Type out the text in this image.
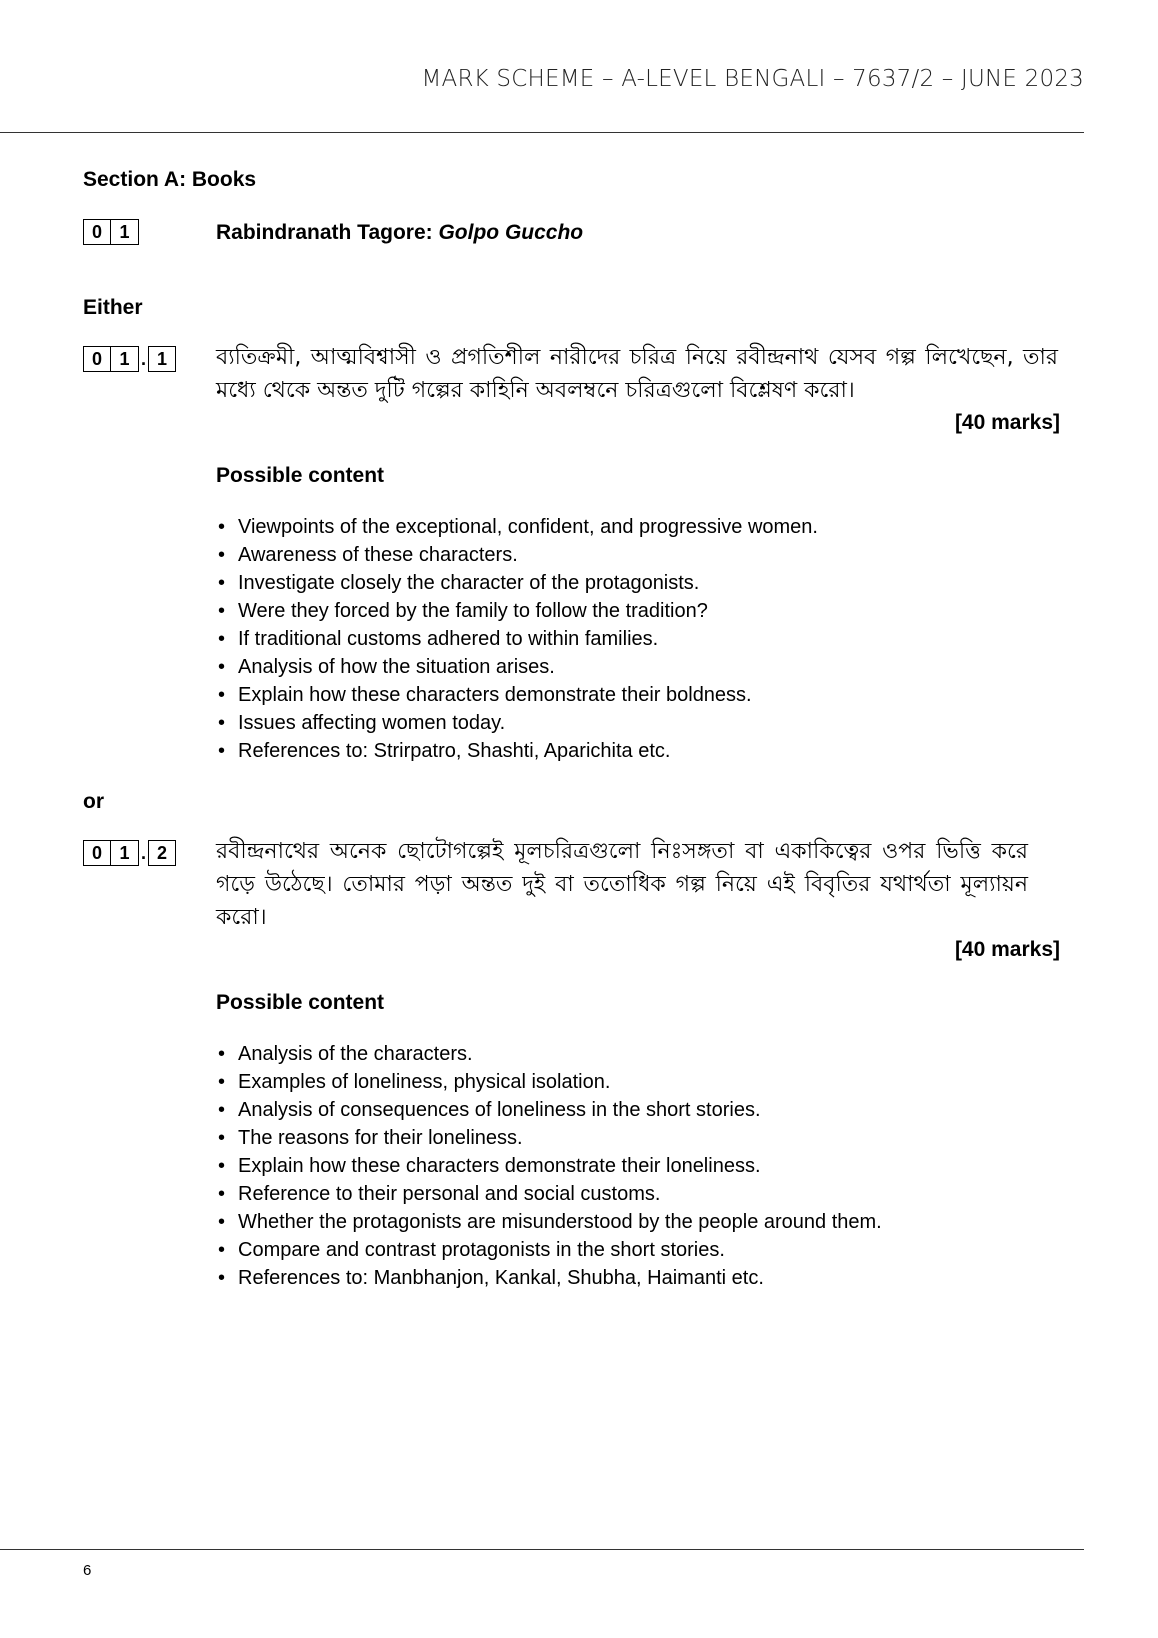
MARK SCHEME – A-LEVEL BENGALI – 7637/2 – JUNE 2023
Section A: Books
0 1	Rabindranath Tagore: Golpo Guccho
Either
0 1 . 1	ব্যতিক্রমী, আত্মবিশ্বাসী ও প্রগতিশীল নারীদের চরিত্র নিয়ে রবীন্দ্রনাথ যেসব গল্প লিখেছেন, তার মধ্যে থেকে অন্তত দুটি গল্পের কাহিনি অবলম্বনে চরিত্রগুলো বিশ্লেষণ করো।
[40 marks]
Possible content
• Viewpoints of the exceptional, confident, and progressive women.
• Awareness of these characters.
• Investigate closely the character of the protagonists.
• Were they forced by the family to follow the tradition?
• If traditional customs adhered to within families.
• Analysis of how the situation arises.
• Explain how these characters demonstrate their boldness.
• Issues affecting women today.
• References to: Strirpatro, Shashti, Aparichita etc.
or
0 1 . 2	রবীন্দ্রনাথের অনেক ছোটোগল্পেই মূলচরিত্রগুলো নিঃসঙ্গতা বা একাকিত্বের ওপর ভিত্তি করে গড়ে উঠেছে। তোমার পড়া অন্তত দুই বা ততোধিক গল্প নিয়ে এই বিবৃতির যথার্থতা মূল্যায়ন করো।
[40 marks]
Possible content
• Analysis of the characters.
• Examples of loneliness, physical isolation.
• Analysis of consequences of loneliness in the short stories.
• The reasons for their loneliness.
• Explain how these characters demonstrate their loneliness.
• Reference to their personal and social customs.
• Whether the protagonists are misunderstood by the people around them.
• Compare and contrast protagonists in the short stories.
• References to: Manbhanjon, Kankal, Shubha, Haimanti etc.
6
